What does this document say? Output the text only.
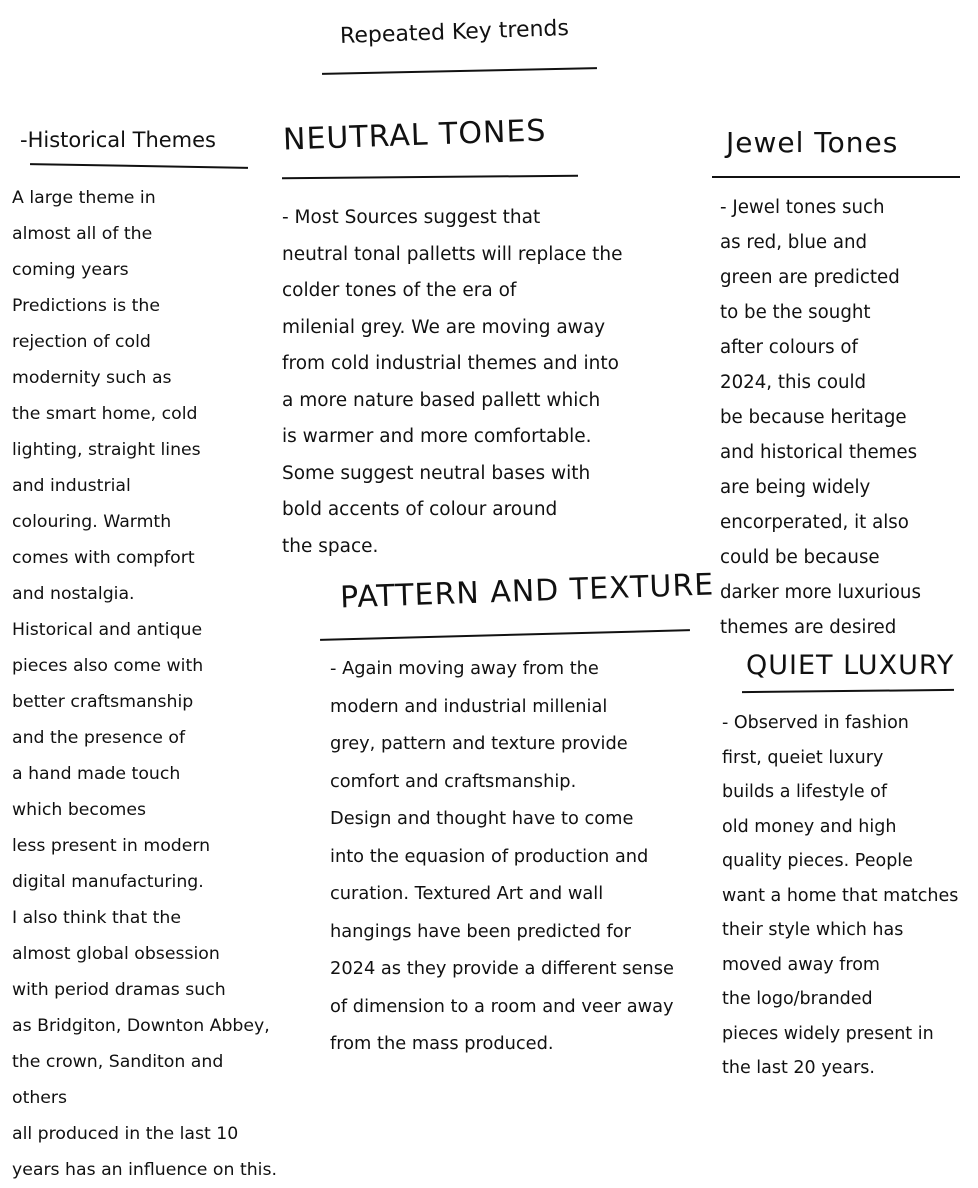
Repeated Key trends
-Historical Themes
A large theme in
almost all of the
coming years
Predictions is the
rejection of cold
modernity such as
the smart home, cold
lighting, straight lines
and industrial
colouring. Warmth
comes with compfort
and nostalgia.
Historical and antique
pieces also come with
better craftsmanship
and the presence of
a hand made touch
which becomes
less present in modern
digital manufacturing.
I also think that the
almost global obsession
with period dramas such
as Bridgiton, Downton Abbey,
the crown, Sanditon and others
all produced in the last 10
years has an influence on this.
NEUTRAL TONES
- Most Sources suggest that
neutral tonal palletts will replace the
colder tones of the era of
milenial grey. We are moving away
from cold industrial themes and into
a more nature based pallett which
is warmer and more comfortable.
Some suggest neutral bases with
bold accents of colour around
the space.
PATTERN AND TEXTURE
- Again moving away from the
modern and industrial millenial
grey, pattern and texture provide
comfort and craftsmanship.
Design and thought have to come
into the equasion of production and
curation. Textured Art and wall
hangings have been predicted for
2024 as they provide a different sense
of dimension to a room and veer away
from the mass produced.
Jewel Tones
- Jewel tones such
as red, blue and
green are predicted
to be the sought
after colours of
2024, this could
be because heritage
and historical themes
are being widely
encorperated, it also
could be because
darker more luxurious
themes are desired
QUIET LUXURY
- Observed in fashion
first, queiet luxury
builds a lifestyle of
old money and high
quality pieces. People
want a home that matches
their style which has
moved away from
the logo/branded
pieces widely present in
the last 20 years.
